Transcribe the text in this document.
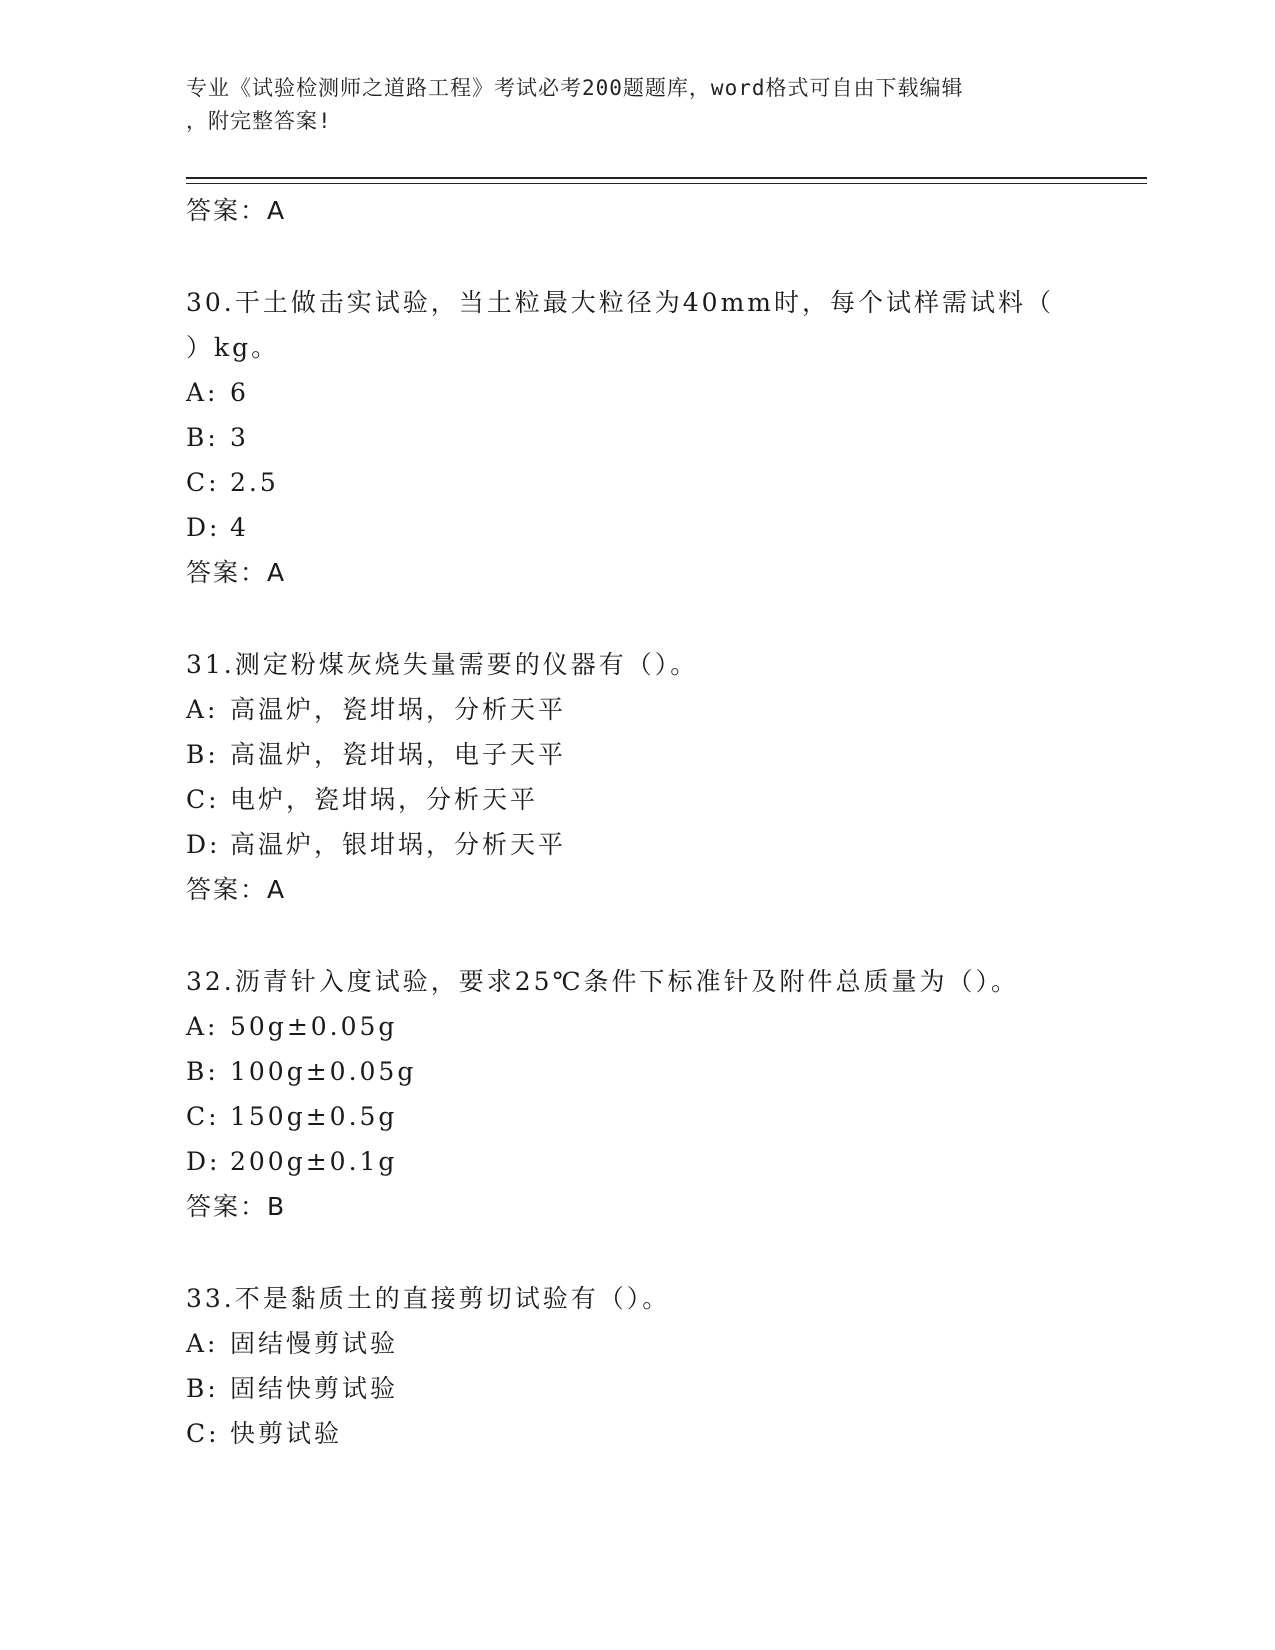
专业《试验检测师之道路工程》考试必考200题题库，word格式可自由下载编辑
，附完整答案!
答案：A
30.干土做击实试验，当土粒最大粒径为40mm时，每个试样需试料（
）kg。
A: 6
B: 3
C: 2.5
D: 4
答案：A
31.测定粉煤灰烧失量需要的仪器有（）。
A: 高温炉，瓷坩埚，分析天平
B: 高温炉，瓷坩埚，电子天平
C: 电炉，瓷坩埚，分析天平
D: 高温炉，银坩埚，分析天平
答案：A
32.沥青针入度试验，要求25℃条件下标准针及附件总质量为（）。
A: 50g±0.05g
B: 100g±0.05g
C: 150g±0.5g
D: 200g±0.1g
答案：B
33.不是黏质土的直接剪切试验有（）。
A: 固结慢剪试验
B: 固结快剪试验
C: 快剪试验
